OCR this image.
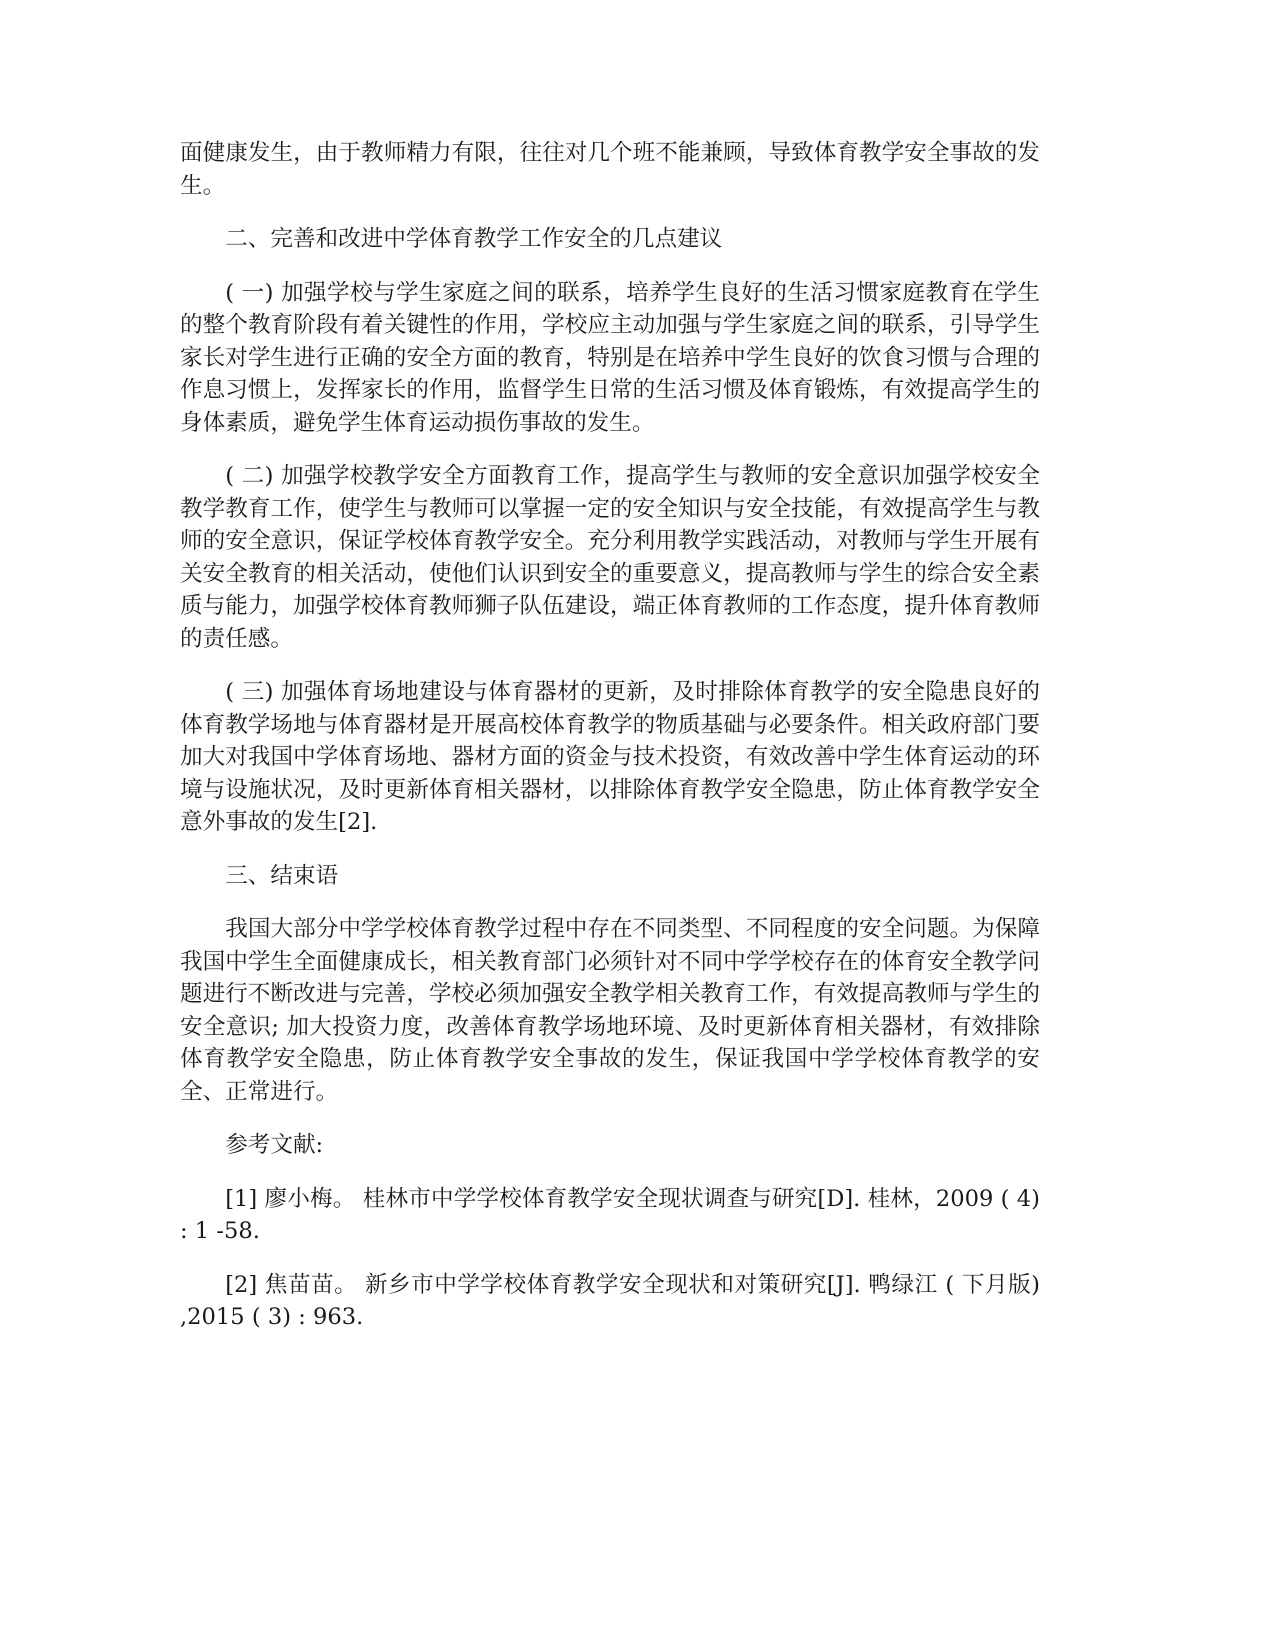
面健康发生，由于教师精力有限，往往对几个班不能兼顾，导致体育教学安全事故的发生。

二、完善和改进中学体育教学工作安全的几点建议

( 一) 加强学校与学生家庭之间的联系，培养学生良好的生活习惯家庭教育在学生的整个教育阶段有着关键性的作用，学校应主动加强与学生家庭之间的联系，引导学生家长对学生进行正确的安全方面的教育，特别是在培养中学生良好的饮食习惯与合理的作息习惯上，发挥家长的作用，监督学生日常的生活习惯及体育锻炼，有效提高学生的身体素质，避免学生体育运动损伤事故的发生。

( 二) 加强学校教学安全方面教育工作，提高学生与教师的安全意识加强学校安全教学教育工作，使学生与教师可以掌握一定的安全知识与安全技能，有效提高学生与教师的安全意识，保证学校体育教学安全。充分利用教学实践活动，对教师与学生开展有关安全教育的相关活动，使他们认识到安全的重要意义，提高教师与学生的综合安全素质与能力，加强学校体育教师狮子队伍建设，端正体育教师的工作态度，提升体育教师的责任感。

( 三) 加强体育场地建设与体育器材的更新，及时排除体育教学的安全隐患良好的体育教学场地与体育器材是开展高校体育教学的物质基础与必要条件。相关政府部门要加大对我国中学体育场地、器材方面的资金与技术投资，有效改善中学生体育运动的环境与设施状况，及时更新体育相关器材，以排除体育教学安全隐患，防止体育教学安全意外事故的发生[2].

三、结束语

我国大部分中学学校体育教学过程中存在不同类型、不同程度的安全问题。为保障我国中学生全面健康成长，相关教育部门必须针对不同中学学校存在的体育安全教学问题进行不断改进与完善，学校必须加强安全教学相关教育工作，有效提高教师与学生的安全意识; 加大投资力度，改善体育教学场地环境、及时更新体育相关器材，有效排除体育教学安全隐患，防止体育教学安全事故的发生，保证我国中学学校体育教学的安全、正常进行。

参考文献:

[1] 廖小梅。 桂林市中学学校体育教学安全现状调查与研究[D]. 桂林，2009 ( 4) : 1 -58.

[2] 焦苗苗。 新乡市中学学校体育教学安全现状和对策研究[J]. 鸭绿江 ( 下月版) ,2015 ( 3) : 963.
